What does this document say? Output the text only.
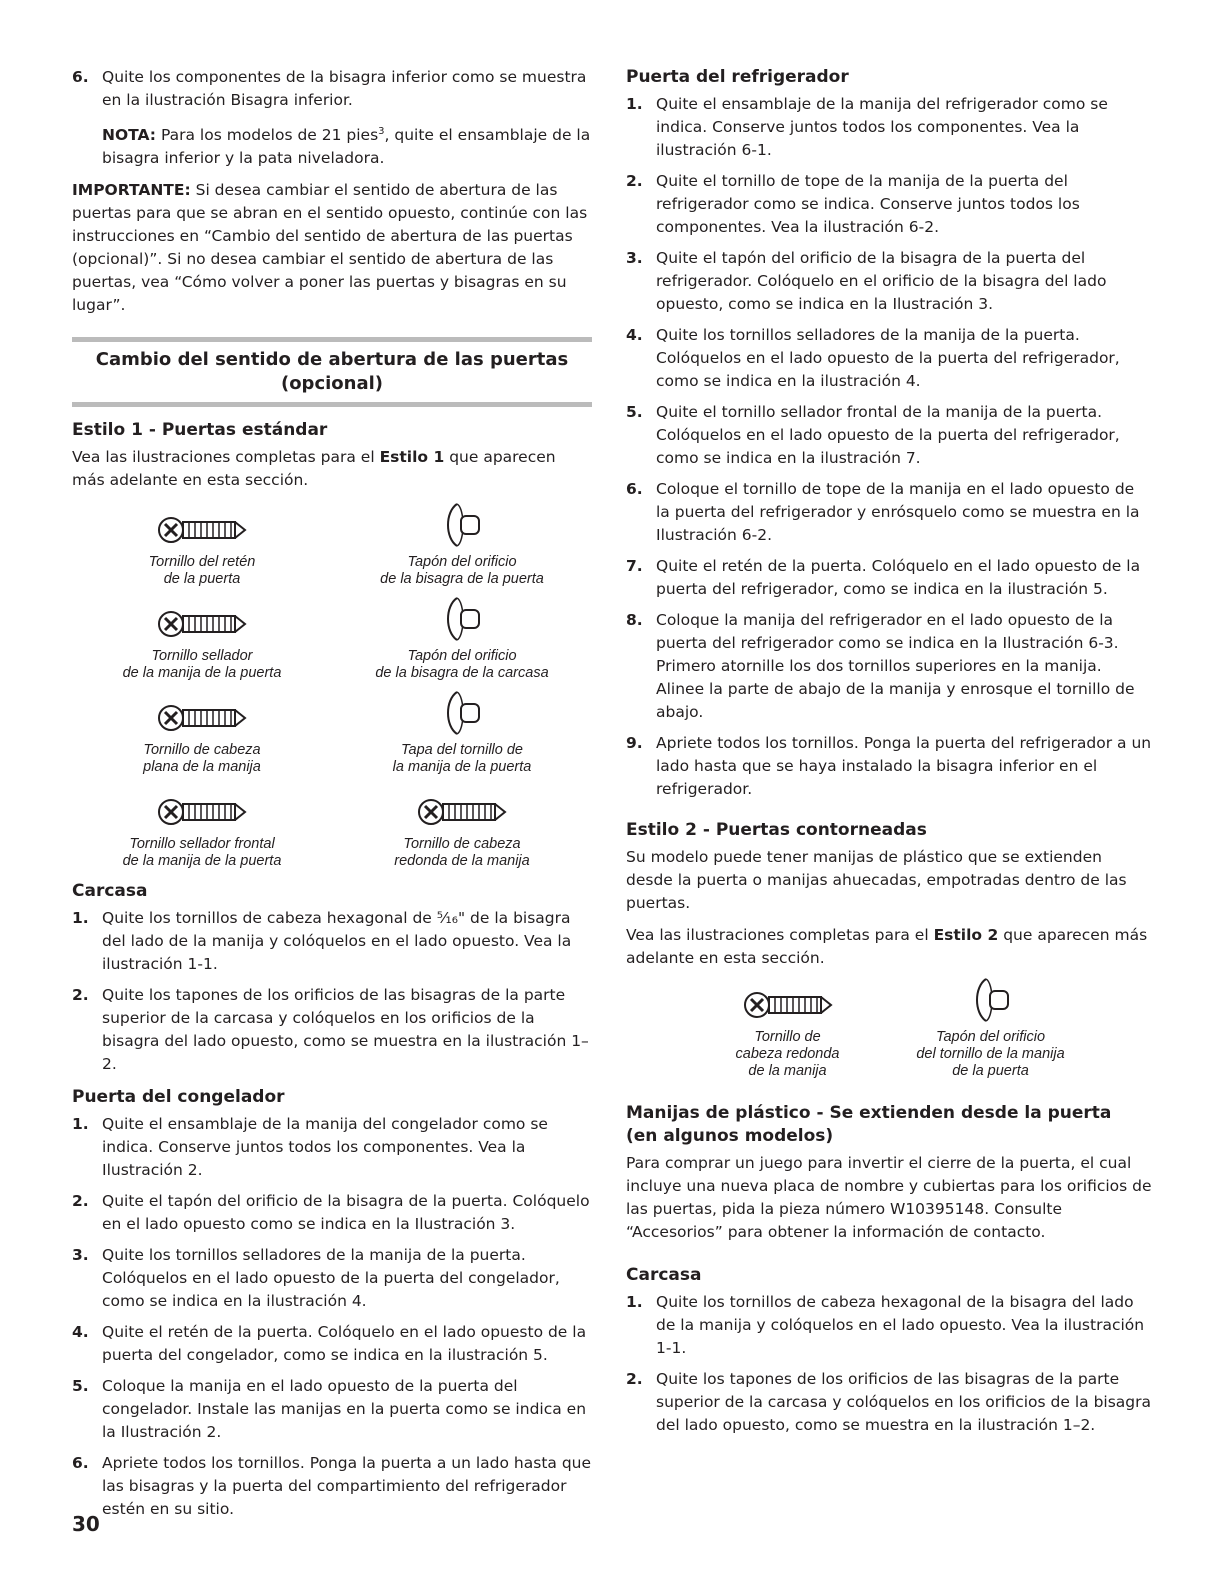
6. Quite los componentes de la bisagra inferior como se muestra en la ilustración Bisagra inferior.

NOTA: Para los modelos de 21 pies$^3$, quite el ensamblaje de la bisagra inferior y la pata niveladora.

IMPORTANTE: Si desea cambiar el sentido de abertura de las puertas para que se abran en el sentido opuesto, continúe con las instrucciones en “Cambio del sentido de abertura de las puertas (opcional)”. Si no desea cambiar el sentido de abertura de las puertas, vea “Cómo volver a poner las puertas y bisagras en su lugar”.

Cambio del sentido de abertura de las puertas (opcional)
Estilo 1 - Puertas estándar

Vea las ilustraciones completas para el Estilo 1 que aparecen más adelante en esta sección.

Tornillo del retén
de la puerta
Tapón del orificio
de la bisagra de la puerta
Tornillo sellador
de la manija de la puerta
Tapón del orificio
de la bisagra de la carcasa
Tornillo de cabeza
plana de la manija
Tapa del tornillo de
la manija de la puerta
Tornillo sellador frontal
de la manija de la puerta
Tornillo de cabeza
redonda de la manija
Carcasa
1. Quite los tornillos de cabeza hexagonal de ⁵⁄₁₆" de la bisagra del lado de la manija y colóquelos en el lado opuesto. Vea la ilustración 1-1.
2. Quite los tapones de los orificios de las bisagras de la parte superior de la carcasa y colóquelos en los orificios de la bisagra del lado opuesto, como se muestra en la ilustración 1–2.
Puerta del congelador
1. Quite el ensamblaje de la manija del congelador como se indica. Conserve juntos todos los componentes. Vea la Ilustración 2.
2. Quite el tapón del orificio de la bisagra de la puerta. Colóquelo en el lado opuesto como se indica en la Ilustración 3.
3. Quite los tornillos selladores de la manija de la puerta. Colóquelos en el lado opuesto de la puerta del congelador, como se indica en la ilustración 4.
4. Quite el retén de la puerta. Colóquelo en el lado opuesto de la puerta del congelador, como se indica en la ilustración 5.
5. Coloque la manija en el lado opuesto de la puerta del congelador. Instale las manijas en la puerta como se indica en la Ilustración 2.
6. Apriete todos los tornillos. Ponga la puerta a un lado hasta que las bisagras y la puerta del compartimiento del refrigerador estén en su sitio.
Puerta del refrigerador
1. Quite el ensamblaje de la manija del refrigerador como se indica. Conserve juntos todos los componentes. Vea la ilustración 6-1.
2. Quite el tornillo de tope de la manija de la puerta del refrigerador como se indica. Conserve juntos todos los componentes. Vea la ilustración 6-2.
3. Quite el tapón del orificio de la bisagra de la puerta del refrigerador. Colóquelo en el orificio de la bisagra del lado opuesto, como se indica en la Ilustración 3.
4. Quite los tornillos selladores de la manija de la puerta. Colóquelos en el lado opuesto de la puerta del refrigerador, como se indica en la ilustración 4.
5. Quite el tornillo sellador frontal de la manija de la puerta. Colóquelos en el lado opuesto de la puerta del refrigerador, como se indica en la ilustración 7.
6. Coloque el tornillo de tope de la manija en el lado opuesto de la puerta del refrigerador y enrósquelo como se muestra en la Ilustración 6-2.
7. Quite el retén de la puerta. Colóquelo en el lado opuesto de la puerta del refrigerador, como se indica en la ilustración 5.
8. Coloque la manija del refrigerador en el lado opuesto de la puerta del refrigerador como se indica en la Ilustración 6-3. Primero atornille los dos tornillos superiores en la manija. Alinee la parte de abajo de la manija y enrosque el tornillo de abajo.
9. Apriete todos los tornillos. Ponga la puerta del refrigerador a un lado hasta que se haya instalado la bisagra inferior en el refrigerador.
Estilo 2 - Puertas contorneadas

Su modelo puede tener manijas de plástico que se extienden desde la puerta o manijas ahuecadas, empotradas dentro de las puertas.

Vea las ilustraciones completas para el Estilo 2 que aparecen más adelante en esta sección.

Tornillo de
cabeza redonda
de la manija
Tapón del orificio
del tornillo de la manija
de la puerta
Manijas de plástico - Se extienden desde la puerta
(en algunos modelos)

Para comprar un juego para invertir el cierre de la puerta, el cual incluye una nueva placa de nombre y cubiertas para los orificios de las puertas, pida la pieza número W10395148. Consulte “Accesorios” para obtener la información de contacto.

Carcasa
1. Quite los tornillos de cabeza hexagonal de la bisagra del lado de la manija y colóquelos en el lado opuesto. Vea la ilustración 1-1.
2. Quite los tapones de los orificios de las bisagras de la parte superior de la carcasa y colóquelos en los orificios de la bisagra del lado opuesto, como se muestra en la ilustración 1–2.
30
